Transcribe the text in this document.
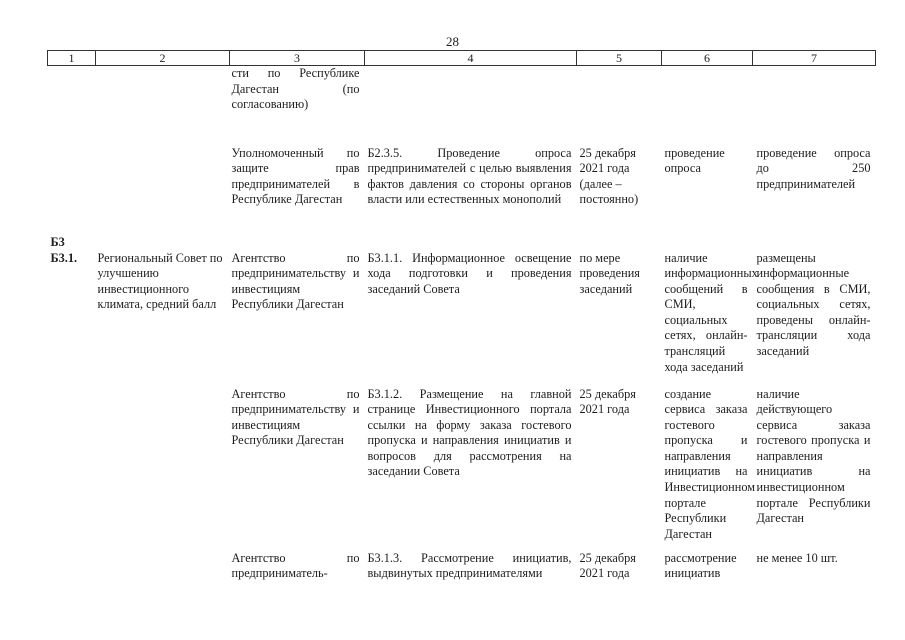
28
1	2	3	4	5	6	7
		сти по Республике Дагестан (по согласованию)				
		Уполномоченный по защите прав предпринимателей в Республике Дагестан	Б2.3.5. Проведение опроса предпринимателей с целью выявления фактов давления со стороны органов власти или естественных монополий	25 декабря 2021 года (далее – постоянно)	проведение опроса	проведение опроса до 250 предпринимателей
Б3						
Б3.1.	Региональный Совет по улучшению инвестиционного климата, средний балл	Агентство по предпринимательству и инвестициям Республики Дагестан	Б3.1.1. Информационное освещение хода подготовки и проведения заседаний Совета	по мере проведения заседаний	наличие информационных сообщений в СМИ, социальных сетях, онлайн-трансляций хода заседаний	размещены информационные сообщения в СМИ, социальных сетях, проведены онлайн-трансляции хода заседаний
		Агентство по предпринимательству и инвестициям Республики Дагестан	Б3.1.2. Размещение на главной странице Инвестиционного портала ссылки на форму заказа гостевого пропуска и направления инициатив и вопросов для рассмотрения на заседании Совета	25 декабря 2021 года	создание сервиса заказа гостевого пропуска и направления инициатив на Инвестиционном портале Республики Дагестан	наличие действующего сервиса заказа гостевого пропуска и направления инициатив на инвестиционном портале Республики Дагестан
		Агентство по предприниматель-	Б3.1.3. Рассмотрение инициатив, выдвинутых предпринимателями	25 декабря 2021 года	рассмотрение инициатив	не менее 10 шт.
